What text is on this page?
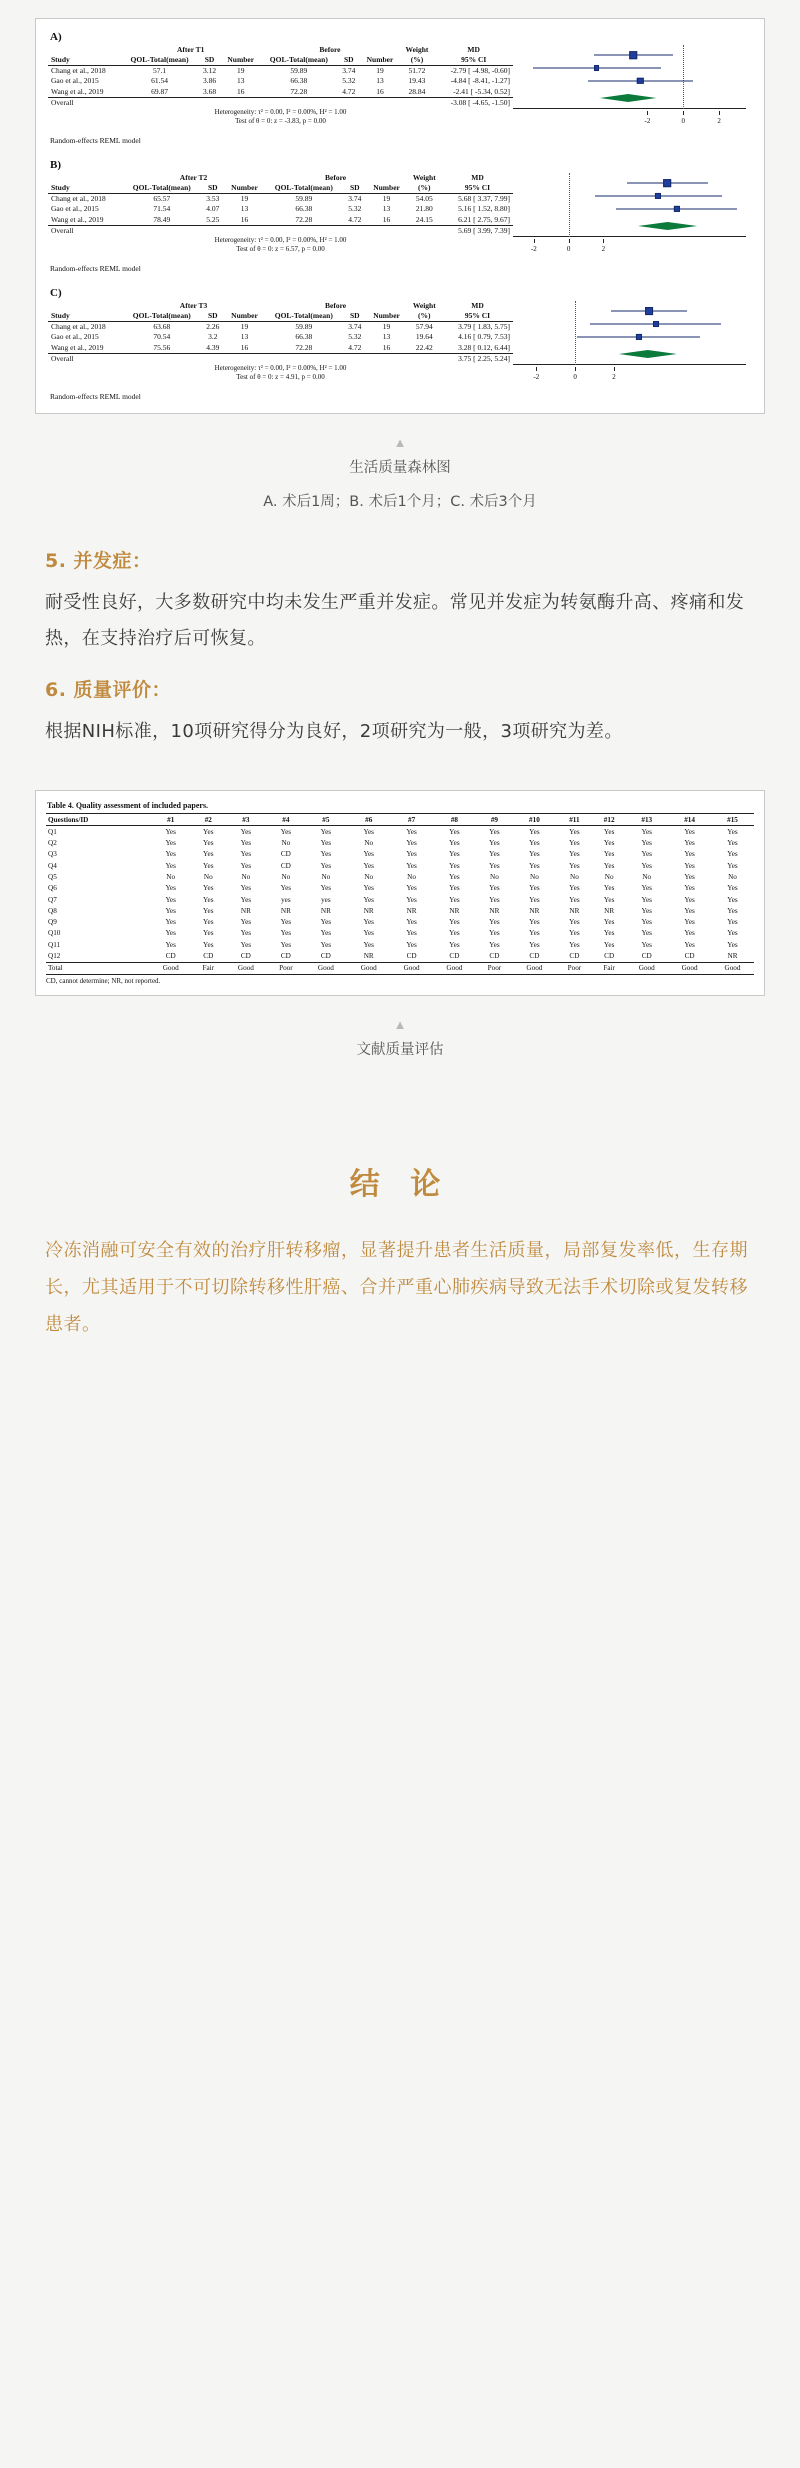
A)
	After T1			Before			Weight	MD
Study	QOL-Total(mean)	SD	Number	QOL-Total(mean)	SD	Number	(%)	95% CI
Chang et al., 2018	57.1	3.12	19	59.89	3.74	19	51.72	-2.79 [ -4.98, -0.60]
Gao et al., 2015	61.54	3.86	13	66.38	5.32	13	19.43	-4.84 [ -8.41, -1.27]
Wang et al., 2019	69.87	3.68	16	72.28	4.72	16	28.84	-2.41 [ -5.34, 0.52]
Overall								-3.08 [ -4.65, -1.50]
Heterogeneity: τ² = 0.00, I² = 0.00%, H² = 1.00								
Test of θ = 0: z = -3.83, p = 0.00									-2	0	2
Random-effects REML model
B)
	After T2			Before			Weight	MD
Study	QOL-Total(mean)	SD	Number	QOL-Total(mean)	SD	Number	(%)	95% CI
Chang et al., 2018	65.57	3.53	19	59.89	3.74	19	54.05	5.68 [ 3.37, 7.99]
Gao et al., 2015	71.54	4.07	13	66.38	5.32	13	21.80	5.16 [ 1.52, 8.80]
Wang et al., 2019	78.49	5.25	16	72.28	4.72	16	24.15	6.21 [ 2.75, 9.67]
Overall								5.69 [ 3.99, 7.39]
Heterogeneity: τ² = 0.00, I² = 0.00%, H² = 1.00								
Test of θ = 0: z = 6.57, p = 0.00									-2	0	2
Random-effects REML model
C)
	After T3			Before			Weight	MD
Study	QOL-Total(mean)	SD	Number	QOL-Total(mean)	SD	Number	(%)	95% CI
Chang et al., 2018	63.68	2.26	19	59.89	3.74	19	57.94	3.79 [ 1.83, 5.75]
Gao et al., 2015	70.54	3.2	13	66.38	5.32	13	19.64	4.16 [ 0.79, 7.53]
Wang et al., 2019	75.56	4.39	16	72.28	4.72	16	22.42	3.28 [ 0.12, 6.44]
Overall								3.75 [ 2.25, 5.24]
Heterogeneity: τ² = 0.00, I² = 0.00%, H² = 1.00								
Test of θ = 0: z = 4.91, p = 0.00									-2	0	2
Random-effects REML model
▲
生活质量森林图
A. 术后1周；B. 术后1个月；C. 术后3个月
5. 并发症：
耐受性良好，大多数研究中均未发生严重并发症。常见并发症为转氨酶升高、疼痛和发热，在支持治疗后可恢复。
6. 质量评价：
根据NIH标准，10项研究得分为良好，2项研究为一般，3项研究为差。
Table 4. Quality assessment of included papers.
Questions/ID	#1	#2	#3	#4	#5	#6	#7	#8	#9	#10	#11	#12	#13	#14	#15
Q1	Yes	Yes	Yes	Yes	Yes	Yes	Yes	Yes	Yes	Yes	Yes	Yes	Yes	Yes	Yes
Q2	Yes	Yes	Yes	No	Yes	No	Yes	Yes	Yes	Yes	Yes	Yes	Yes	Yes	Yes
Q3	Yes	Yes	Yes	CD	Yes	Yes	Yes	Yes	Yes	Yes	Yes	Yes	Yes	Yes	Yes
Q4	Yes	Yes	Yes	CD	Yes	Yes	Yes	Yes	Yes	Yes	Yes	Yes	Yes	Yes	Yes
Q5	No	No	No	No	No	No	No	Yes	No	No	No	No	No	Yes	No
Q6	Yes	Yes	Yes	Yes	Yes	Yes	Yes	Yes	Yes	Yes	Yes	Yes	Yes	Yes	Yes
Q7	Yes	Yes	Yes	yes	yes	Yes	Yes	Yes	Yes	Yes	Yes	Yes	Yes	Yes	Yes
Q8	Yes	Yes	NR	NR	NR	NR	NR	NR	NR	NR	NR	NR	Yes	Yes	Yes
Q9	Yes	Yes	Yes	Yes	Yes	Yes	Yes	Yes	Yes	Yes	Yes	Yes	Yes	Yes	Yes
Q10	Yes	Yes	Yes	Yes	Yes	Yes	Yes	Yes	Yes	Yes	Yes	Yes	Yes	Yes	Yes
Q11	Yes	Yes	Yes	Yes	Yes	Yes	Yes	Yes	Yes	Yes	Yes	Yes	Yes	Yes	Yes
Q12	CD	CD	CD	CD	CD	NR	CD	CD	CD	CD	CD	CD	CD	CD	NR
Total	Good	Fair	Good	Poor	Good	Good	Good	Good	Poor	Good	Poor	Fair	Good	Good	Good
CD, cannot determine; NR, not reported.
▲
文献质量评估
结 论
冷冻消融可安全有效的治疗肝转移瘤，显著提升患者生活质量，局部复发率低，生存期长，尤其适用于不可切除转移性肝癌、合并严重心肺疾病导致无法手术切除或复发转移患者。
